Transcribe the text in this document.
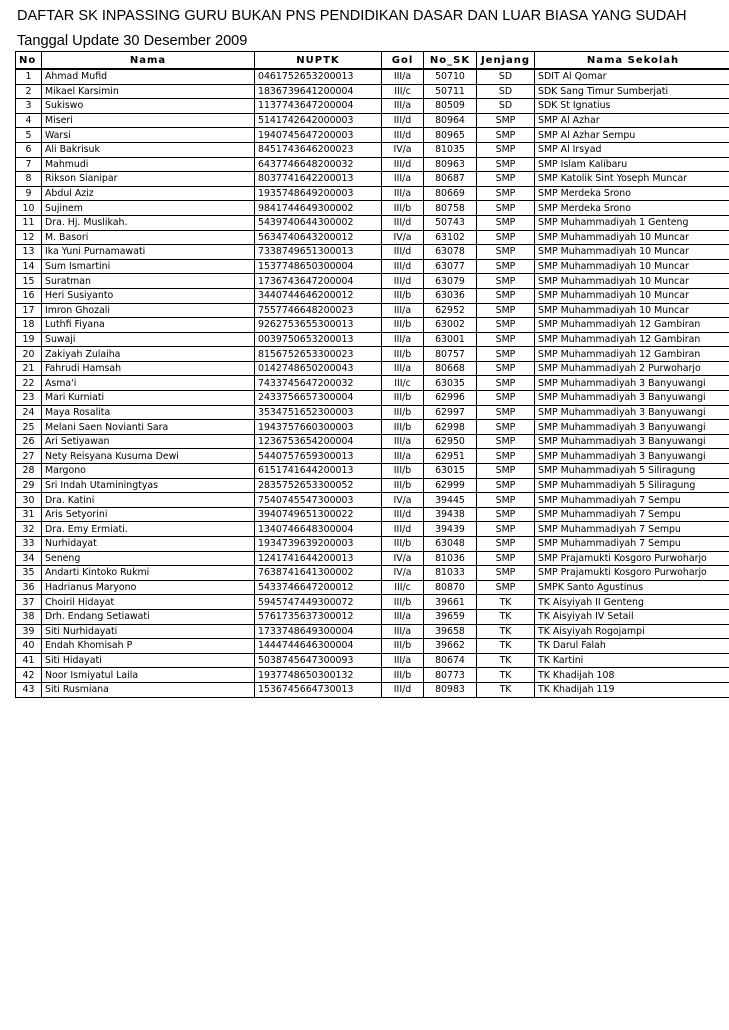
DAFTAR SK INPASSING GURU BUKAN PNS PENDIDIKAN DASAR DAN LUAR BIASA YANG SUDAH
Tanggal Update 30 Desember 2009
No	Nama	NUPTK	Gol	No_SK	Jenjang	Nama Sekolah
1	Ahmad Mufid	0461752653200013	III/a	50710	SD	SDIT Al Qomar
2	Mikael Karsimin	1836739641200004	III/c	50711	SD	SDK Sang Timur Sumberjati
3	Sukiswo	1137743647200004	III/a	80509	SD	SDK St Ignatius
4	Miseri	5141742642000003	III/d	80964	SMP	SMP Al Azhar
5	Warsi	1940745647200003	III/d	80965	SMP	SMP Al Azhar Sempu
6	Ali Bakrisuk	8451743646200023	IV/a	81035	SMP	SMP Al Irsyad
7	Mahmudi	6437746648200032	III/d	80963	SMP	SMP Islam Kalibaru
8	Rikson Sianipar	8037741642200013	III/a	80687	SMP	SMP Katolik Sint Yoseph Muncar
9	Abdul Aziz	1935748649200003	III/a	80669	SMP	SMP Merdeka Srono
10	Sujinem	9841744649300002	III/b	80758	SMP	SMP Merdeka Srono
11	Dra. Hj. Muslikah.	5439740644300002	III/d	50743	SMP	SMP Muhammadiyah 1 Genteng
12	M. Basori	5634740643200012	IV/a	63102	SMP	SMP Muhammadiyah 10 Muncar
13	Ika Yuni Purnamawati	7338749651300013	III/d	63078	SMP	SMP Muhammadiyah 10 Muncar
14	Sum Ismartini	1537748650300004	III/d	63077	SMP	SMP Muhammadiyah 10 Muncar
15	Suratman	1736743647200004	III/d	63079	SMP	SMP Muhammadiyah 10 Muncar
16	Heri Susiyanto	3440744646200012	III/b	63036	SMP	SMP Muhammadiyah 10 Muncar
17	Imron Ghozali	7557746648200023	III/a	62952	SMP	SMP Muhammadiyah 10 Muncar
18	Luthfi Fiyana	9262753655300013	III/b	63002	SMP	SMP Muhammadiyah 12 Gambiran
19	Suwaji	0039750653200013	III/a	63001	SMP	SMP Muhammadiyah 12 Gambiran
20	Zakiyah Zulaiha	8156752653300023	III/b	80757	SMP	SMP Muhammadiyah 12 Gambiran
21	Fahrudi Hamsah	0142748650200043	III/a	80668	SMP	SMP Muhammadiyah 2 Purwoharjo
22	Asma'i	7433745647200032	III/c	63035	SMP	SMP Muhammadiyah 3 Banyuwangi
23	Mari Kurniati	2433756657300004	III/b	62996	SMP	SMP Muhammadiyah 3 Banyuwangi
24	Maya Rosalita	3534751652300003	III/b	62997	SMP	SMP Muhammadiyah 3 Banyuwangi
25	Melani Saen Novianti Sara	1943757660300003	III/b	62998	SMP	SMP Muhammadiyah 3 Banyuwangi
26	Ari Setiyawan	1236753654200004	III/a	62950	SMP	SMP Muhammadiyah 3 Banyuwangi
27	Nety Reisyana Kusuma Dewi	5440757659300013	III/a	62951	SMP	SMP Muhammadiyah 3 Banyuwangi
28	Margono	6151741644200013	III/b	63015	SMP	SMP Muhammadiyah 5 Siliragung
29	Sri Indah Utaminingtyas	2835752653300052	III/b	62999	SMP	SMP Muhammadiyah 5 Siliragung
30	Dra. Katini	7540745547300003	IV/a	39445	SMP	SMP Muhammadiyah 7 Sempu
31	Aris Setyorini	3940749651300022	III/d	39438	SMP	SMP Muhammadiyah 7 Sempu
32	Dra. Emy Ermiati.	1340746648300004	III/d	39439	SMP	SMP Muhammadiyah 7 Sempu
33	Nurhidayat	1934739639200003	III/b	63048	SMP	SMP Muhammadiyah 7 Sempu
34	Seneng	1241741644200013	IV/a	81036	SMP	SMP Prajamukti Kosgoro Purwoharjo
35	Andarti Kintoko Rukmi	7638741641300002	IV/a	81033	SMP	SMP Prajamukti Kosgoro Purwoharjo
36	Hadrianus Maryono	5433746647200012	III/c	80870	SMP	SMPK Santo Agustinus
37	Choiril Hidayat	5945747449300072	III/b	39661	TK	TK Aisyiyah II Genteng
38	Drh. Endang Setiawati	5761735637300012	III/a	39659	TK	TK Aisyiyah IV Setail
39	Siti Nurhidayati	1733748649300004	III/a	39658	TK	TK Aisyiyah Rogojampi
40	Endah Khomisah P	1444744646300004	III/b	39662	TK	TK Darul Falah
41	Siti Hidayati	5038745647300093	III/a	80674	TK	TK Kartini
42	Noor Ismiyatul Laila	1937748650300132	III/b	80773	TK	TK Khadijah 108
43	Siti Rusmiana	1536745664730013	III/d	80983	TK	TK Khadijah 119
